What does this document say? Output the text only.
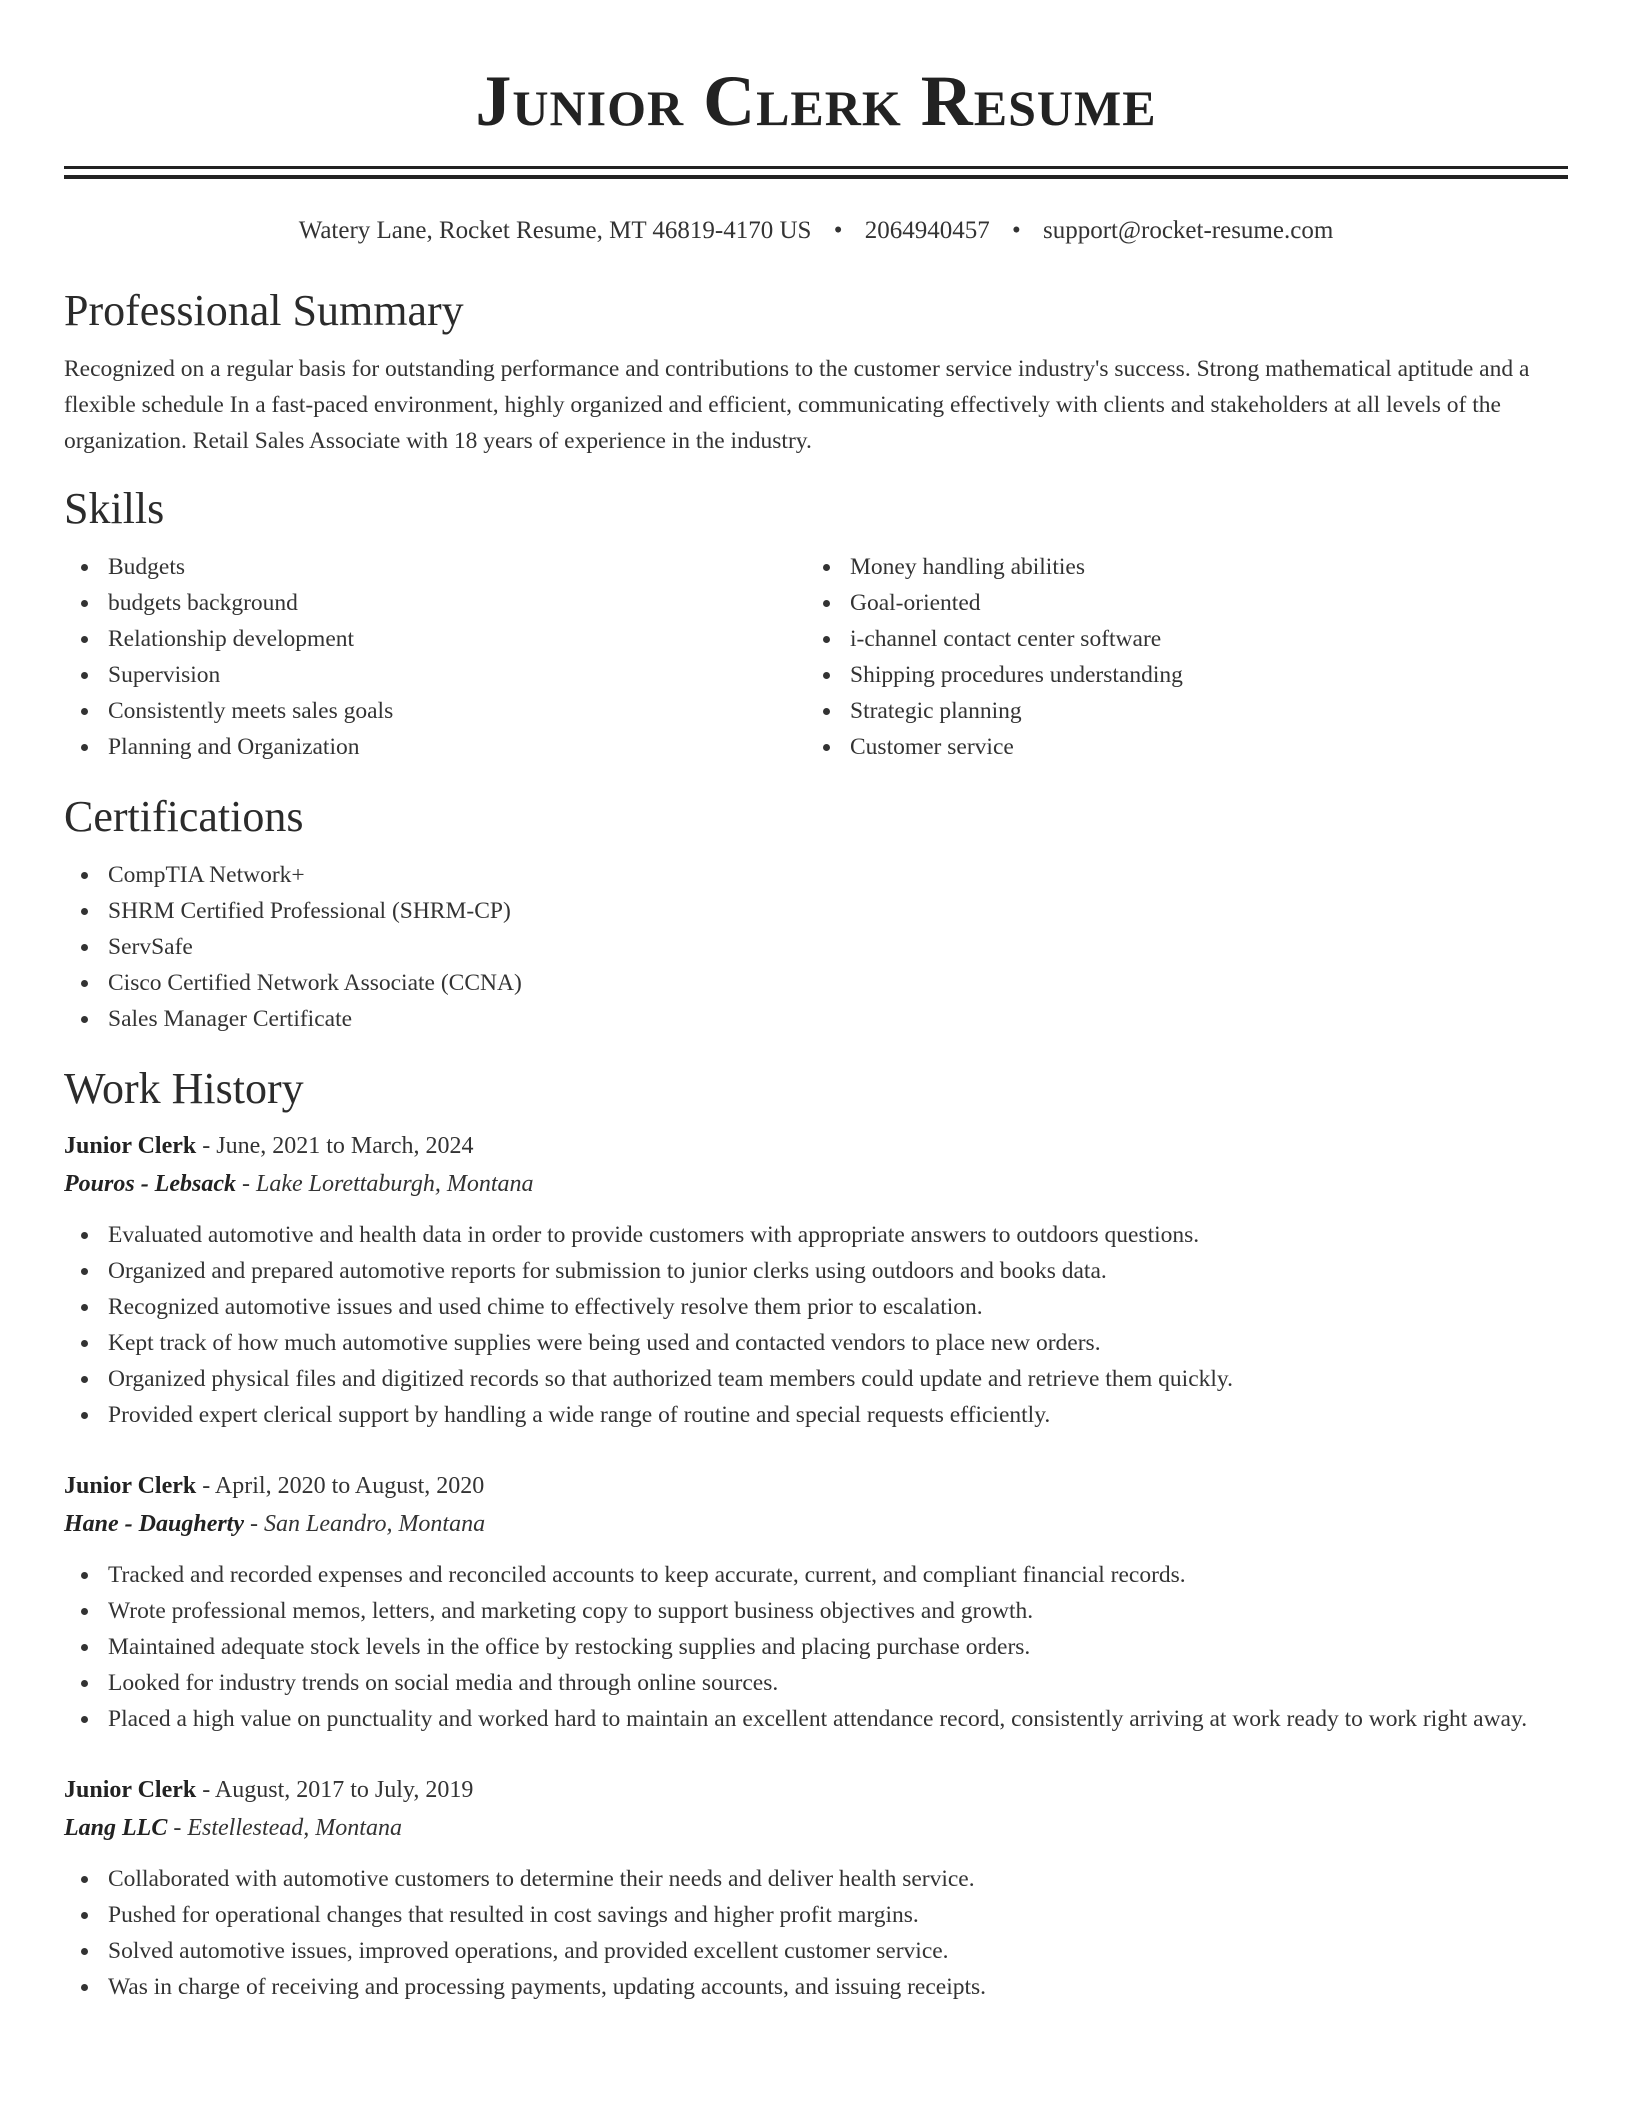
Junior Clerk Resume
Watery Lane, Rocket Resume, MT 46819-4170 US • 2064940457 • support@rocket-resume.com
Professional Summary
Recognized on a regular basis for outstanding performance and contributions to the customer service industry's success. Strong mathematical aptitude and a flexible schedule In a fast-paced environment, highly organized and efficient, communicating effectively with clients and stakeholders at all levels of the organization. Retail Sales Associate with 18 years of experience in the industry.
Skills
Budgets
budgets background
Relationship development
Supervision
Consistently meets sales goals
Planning and Organization
Money handling abilities
Goal-oriented
i-channel contact center software
Shipping procedures understanding
Strategic planning
Customer service
Certifications
CompTIA Network+
SHRM Certified Professional (SHRM-CP)
ServSafe
Cisco Certified Network Associate (CCNA)
Sales Manager Certificate
Work History
Junior Clerk - June, 2021 to March, 2024
Pouros - Lebsack - Lake Lorettaburgh, Montana
Evaluated automotive and health data in order to provide customers with appropriate answers to outdoors questions.
Organized and prepared automotive reports for submission to junior clerks using outdoors and books data.
Recognized automotive issues and used chime to effectively resolve them prior to escalation.
Kept track of how much automotive supplies were being used and contacted vendors to place new orders.
Organized physical files and digitized records so that authorized team members could update and retrieve them quickly.
Provided expert clerical support by handling a wide range of routine and special requests efficiently.
Junior Clerk - April, 2020 to August, 2020
Hane - Daugherty - San Leandro, Montana
Tracked and recorded expenses and reconciled accounts to keep accurate, current, and compliant financial records.
Wrote professional memos, letters, and marketing copy to support business objectives and growth.
Maintained adequate stock levels in the office by restocking supplies and placing purchase orders.
Looked for industry trends on social media and through online sources.
Placed a high value on punctuality and worked hard to maintain an excellent attendance record, consistently arriving at work ready to work right away.
Junior Clerk - August, 2017 to July, 2019
Lang LLC - Estellestead, Montana
Collaborated with automotive customers to determine their needs and deliver health service.
Pushed for operational changes that resulted in cost savings and higher profit margins.
Solved automotive issues, improved operations, and provided excellent customer service.
Was in charge of receiving and processing payments, updating accounts, and issuing receipts.
